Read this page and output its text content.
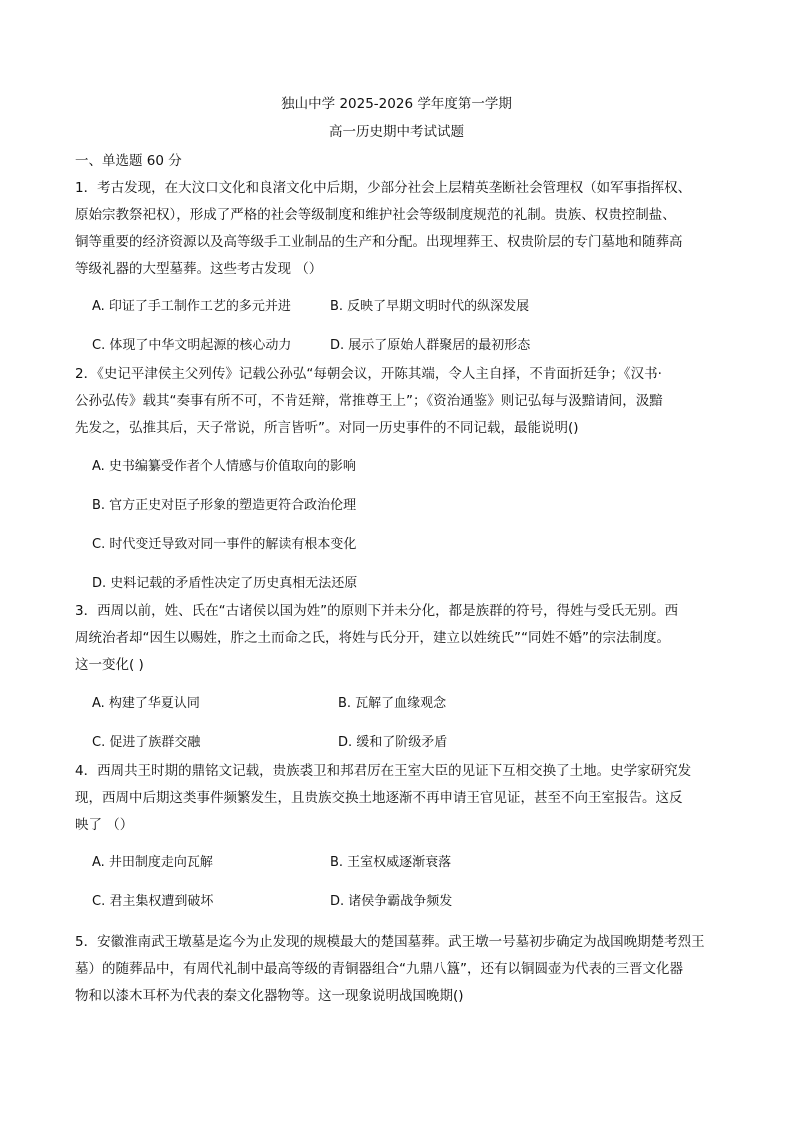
独山中学 2025-2026 学年度第一学期
高一历史期中考试试题
一、单选题 60 分
1．考古发现，在大汶口文化和良渚文化中后期，少部分社会上层精英垄断社会管理权（如军事指挥权、
原始宗教祭祀权），形成了严格的社会等级制度和维护社会等级制度规范的礼制。贵族、权贵控制盐、
铜等重要的经济资源以及高等级手工业制品的生产和分配。出现埋葬王、权贵阶层的专门墓地和随葬高
等级礼器的大型墓葬。这些考古发现 （）
A. 印证了手工制作工艺的多元并进	B. 反映了早期文明时代的纵深发展
C. 体现了中华文明起源的核心动力	D. 展示了原始人群聚居的最初形态
2．《史记平津侯主父列传》记载公孙弘“每朝会议，开陈其端，令人主自择，不肯面折廷争；《汉书·
公孙弘传》载其“奏事有所不可，不肯廷辩，常推尊王上”；《资治通鉴》则记弘每与汲黯请间，汲黯
先发之，弘推其后，天子常说，所言皆听”。对同一历史事件的不同记载，最能说明()
A. 史书编纂受作者个人情感与价值取向的影响
B. 官方正史对臣子形象的塑造更符合政治伦理
C. 时代变迁导致对同一事件的解读有根本变化
D. 史料记载的矛盾性决定了历史真相无法还原
3．西周以前，姓、氏在“古诸侯以国为姓”的原则下并未分化，都是族群的符号，得姓与受氏无别。西
周统治者却“因生以赐姓，胙之土而命之氏，将姓与氏分开，建立以姓统氏”“同姓不婚”的宗法制度。
这一变化( )
A. 构建了华夏认同	B. 瓦解了血缘观念
C. 促进了族群交融	D. 缓和了阶级矛盾
4．西周共王时期的鼎铭文记载，贵族裘卫和邦君厉在王室大臣的见证下互相交换了土地。史学家研究发
现，西周中后期这类事件频繁发生，且贵族交换土地逐渐不再申请王官见证，甚至不向王室报告。这反
映了 （）
A. 井田制度走向瓦解	B. 王室权威逐渐衰落
C. 君主集权遭到破坏	D. 诸侯争霸战争频发
5．安徽淮南武王墩墓是迄今为止发现的规模最大的楚国墓葬。武王墩一号墓初步确定为战国晚期楚考烈王
墓）的随葬品中，有周代礼制中最高等级的青铜器组合“九鼎八簋”，还有以铜圆壶为代表的三晋文化器
物和以漆木耳杯为代表的秦文化器物等。这一现象说明战国晚期()
